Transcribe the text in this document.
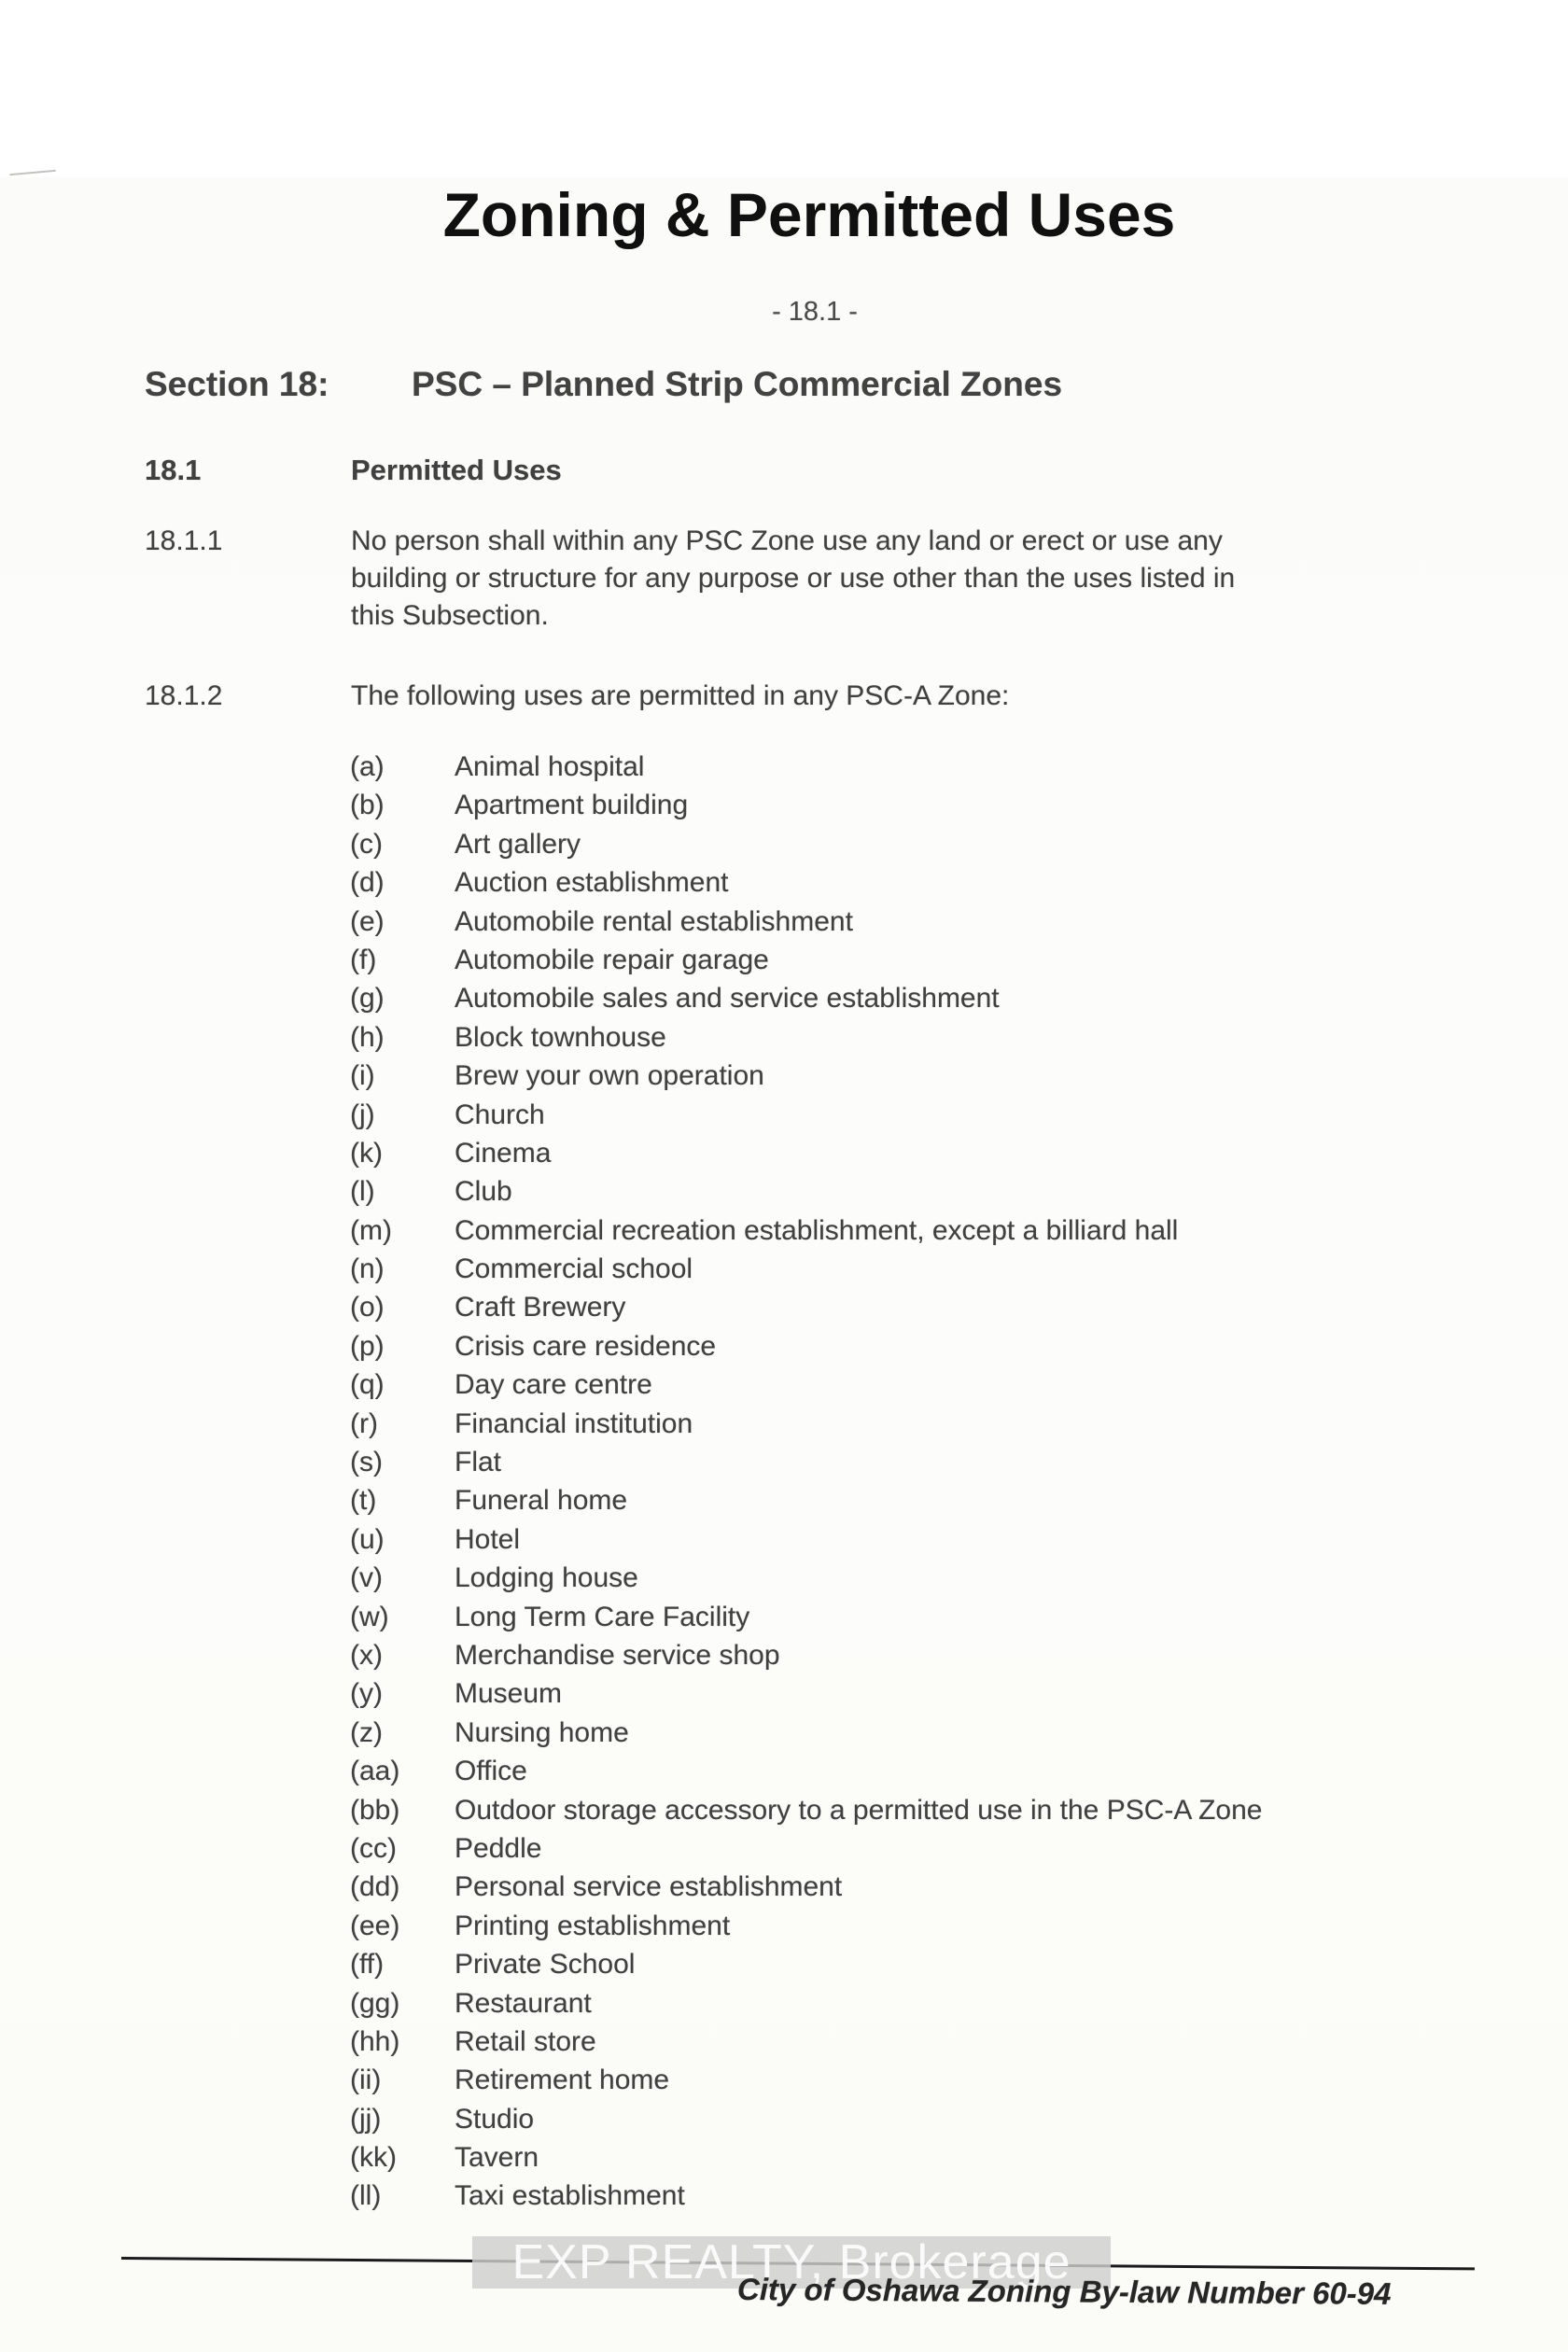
Zoning & Permitted Uses
- 18.1 -
Section 18: PSC – Planned Strip Commercial Zones
18.1	Permitted Uses
18.1.1	No person shall within any PSC Zone use any land or erect or use any
building or structure for any purpose or use other than the uses listed in
this Subsection.
18.1.2	The following uses are permitted in any PSC-A Zone:
(a)	Animal hospital
(b)	Apartment building
(c)	Art gallery
(d)	Auction establishment
(e)	Automobile rental establishment
(f)	Automobile repair garage
(g)	Automobile sales and service establishment
(h)	Block townhouse
(i)	Brew your own operation
(j)	Church
(k)	Cinema
(l)	Club
(m) Commercial recreation establishment, except a billiard hall
(n)	Commercial school
(o)	Craft Brewery
(p)	Crisis care residence
(q)	Day care centre
(r)	Financial institution
(s)	Flat
(t)	Funeral home
(u)	Hotel
(v)	Lodging house
(w) Long Term Care Facility
(x)	Merchandise service shop
(y)	Museum
(z)	Nursing home
(aa) Office
(bb) Outdoor storage accessory to a permitted use in the PSC-A Zone
(cc) Peddle
(dd) Personal service establishment
(ee) Printing establishment
(ff)	Private School
(gg) Restaurant
(hh) Retail store
(ii)	Retirement home
(jj)	Studio
(kk) Tavern
(ll)	Taxi establishment
EXP REALTY, Brokerage
City of Oshawa Zoning By-law Number 60-94
